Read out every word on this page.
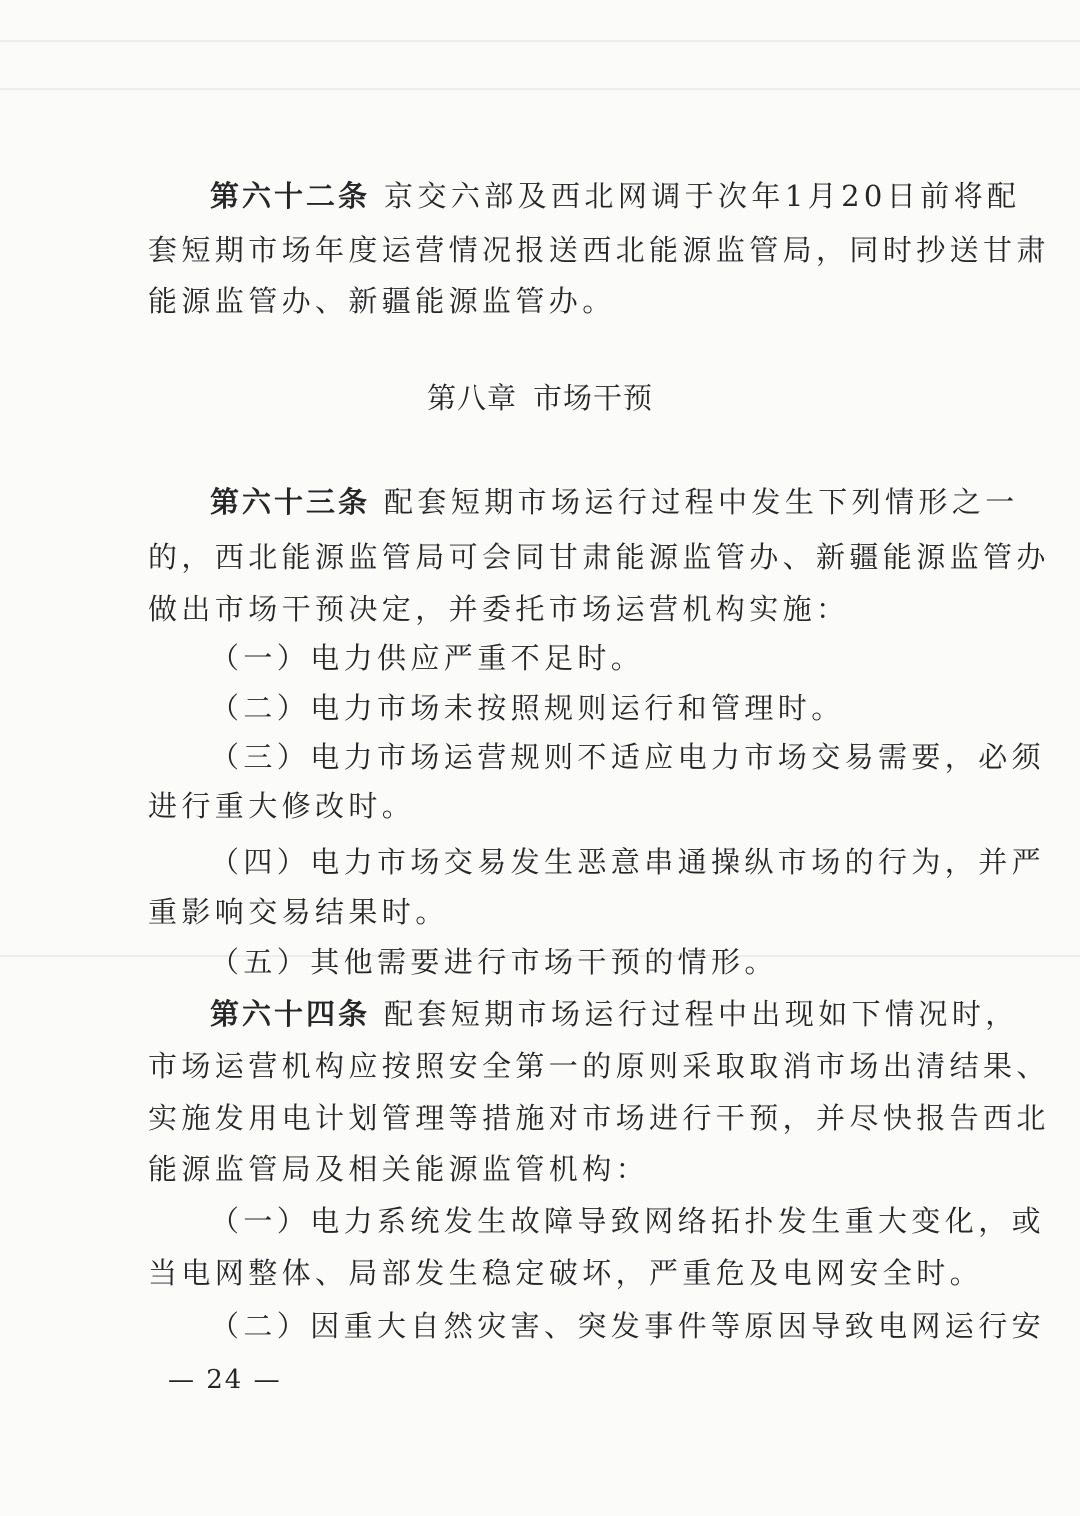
第六十二条 京交六部及西北网调于次年1月20日前将配
套短期市场年度运营情况报送西北能源监管局，同时抄送甘肃
能源监管办、新疆能源监管办。
第八章 市场干预
第六十三条 配套短期市场运行过程中发生下列情形之一
的，西北能源监管局可会同甘肃能源监管办、新疆能源监管办
做出市场干预决定，并委托市场运营机构实施：
（一）电力供应严重不足时。
（二）电力市场未按照规则运行和管理时。
（三）电力市场运营规则不适应电力市场交易需要，必须
进行重大修改时。
（四）电力市场交易发生恶意串通操纵市场的行为，并严
重影响交易结果时。
（五）其他需要进行市场干预的情形。
第六十四条 配套短期市场运行过程中出现如下情况时，
市场运营机构应按照安全第一的原则采取取消市场出清结果、
实施发用电计划管理等措施对市场进行干预，并尽快报告西北
能源监管局及相关能源监管机构：
（一）电力系统发生故障导致网络拓扑发生重大变化，或
当电网整体、局部发生稳定破坏，严重危及电网安全时。
（二）因重大自然灾害、突发事件等原因导致电网运行安
— 24 —
